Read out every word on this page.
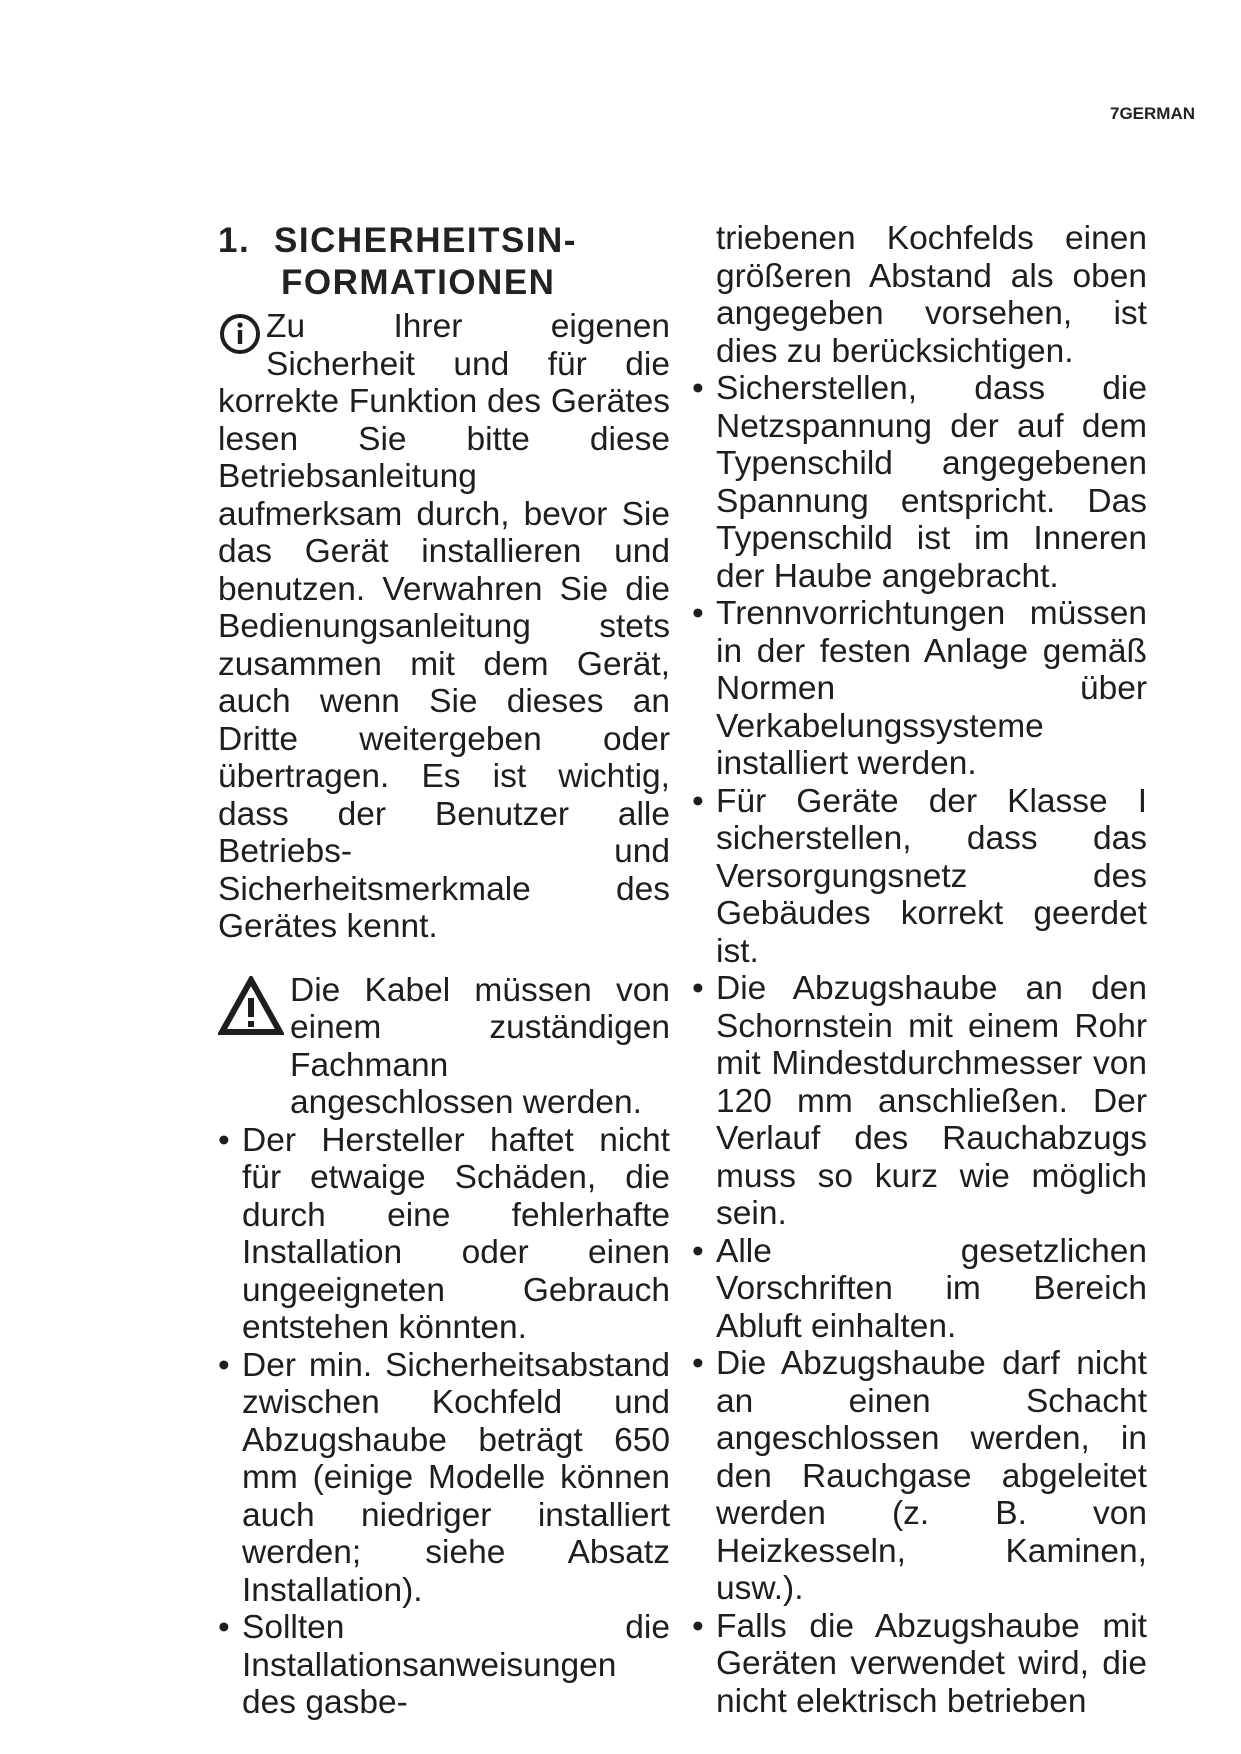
7GERMAN
1. SICHERHEITSIN-
FORMATIONEN

Zu Ihrer eigenen Sicherheit und für die korrekte Funktion des Gerätes lesen Sie bitte diese Betriebsanleitung aufmerksam durch, bevor Sie das Gerät installieren und benutzen. Verwahren Sie die Bedienungsanleitung stets zusammen mit dem Gerät, auch wenn Sie dieses an Dritte weitergeben oder übertragen. Es ist wichtig, dass der Benutzer alle Betriebs- und Sicherheitsmerkmale des Gerätes kennt.

Die Kabel müssen von einem zuständigen Fachmann angeschlossen werden.

• Der Hersteller haftet nicht für etwaige Schäden, die durch eine fehlerhafte Installation oder einen ungeeigneten Gebrauch entstehen könnten.
• Der min. Sicherheitsabstand zwischen Kochfeld und Abzugshaube beträgt 650 mm (einige Modelle können auch niedriger installiert werden; siehe Absatz Installation).
• Sollten die Installationsanweisungen des gasbe-

triebenen Kochfelds einen größeren Abstand als oben angegeben vorsehen, ist dies zu berücksichtigen.

• Sicherstellen, dass die Netzspannung der auf dem Typenschild angegebenen Spannung entspricht. Das Typenschild ist im Inneren der Haube angebracht.
• Trennvorrichtungen müssen in der festen Anlage gemäß Normen über Verkabelungssysteme installiert werden.
• Für Geräte der Klasse I sicherstellen, dass das Versorgungsnetz des Gebäudes korrekt geerdet ist.
• Die Abzugshaube an den Schornstein mit einem Rohr mit Mindestdurchmesser von 120 mm anschließen. Der Verlauf des Rauchabzugs muss so kurz wie möglich sein.
• Alle gesetzlichen Vorschriften im Bereich Abluft einhalten.
• Die Abzugshaube darf nicht an einen Schacht angeschlossen werden, in den Rauchgase abgeleitet werden (z. B. von Heizkesseln, Kaminen, usw.).
• Falls die Abzugshaube mit Geräten verwendet wird, die nicht elektrisch betrieben
